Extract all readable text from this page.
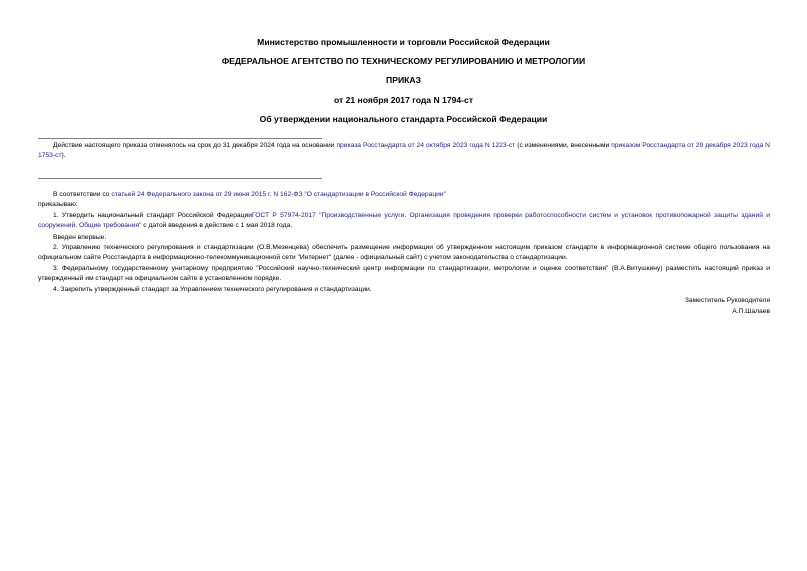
Министерство промышленности и торговли Российской Федерации
ФЕДЕРАЛЬНОЕ АГЕНТСТВО ПО ТЕХНИЧЕСКОМУ РЕГУЛИРОВАНИЮ И МЕТРОЛОГИИ
ПРИКАЗ
от 21 ноября 2017 года N 1794-ст
Об утверждении национального стандарта Российской Федерации

Действие настоящего приказа отменялось на срок до 31 декабря 2024 года на основании приказа Росстандарта от 24 октября 2023 года N 1223-ст (с изменениями, внесенными приказом Росстандарта от 29 декабря 2023 года N 1753-ст).

В соответствии со статьей 24 Федерального закона от 29 июня 2015 г. N 162-ФЗ "О стандартизации в Российской Федерации"

приказываю:

1. Утвердить национальный стандарт Российской ФедерацииГОСТ Р 57974-2017 "Производственные услуги. Организация проведения проверки работоспособности систем и установок противопожарной защиты зданий и сооружений. Общие требования" с датой введения в действие с 1 мая 2018 года.

Введен впервые.

2. Управлению технического регулирования и стандартизации (О.В.Мезенцева) обеспечить размещение информации об утвержденном настоящим приказом стандарте в информационной системе общего пользования на официальном сайте Росстандарта в информационно-телекоммуникационной сети "Интернет" (далее - официальный сайт) с учетом законодательства о стандартизации.

3. Федеральному государственному унитарному предприятию "Российский научно-технический центр информации по стандартизации, метрологии и оценке соответствия" (В.А.Витушкину) разместить настоящий приказ и утвержденный им стандарт на официальном сайте в установленном порядке.

4. Закрепить утвержденный стандарт за Управлением технического регулирования и стандартизации.

Заместитель Руководителя
А.П.Шалаев
